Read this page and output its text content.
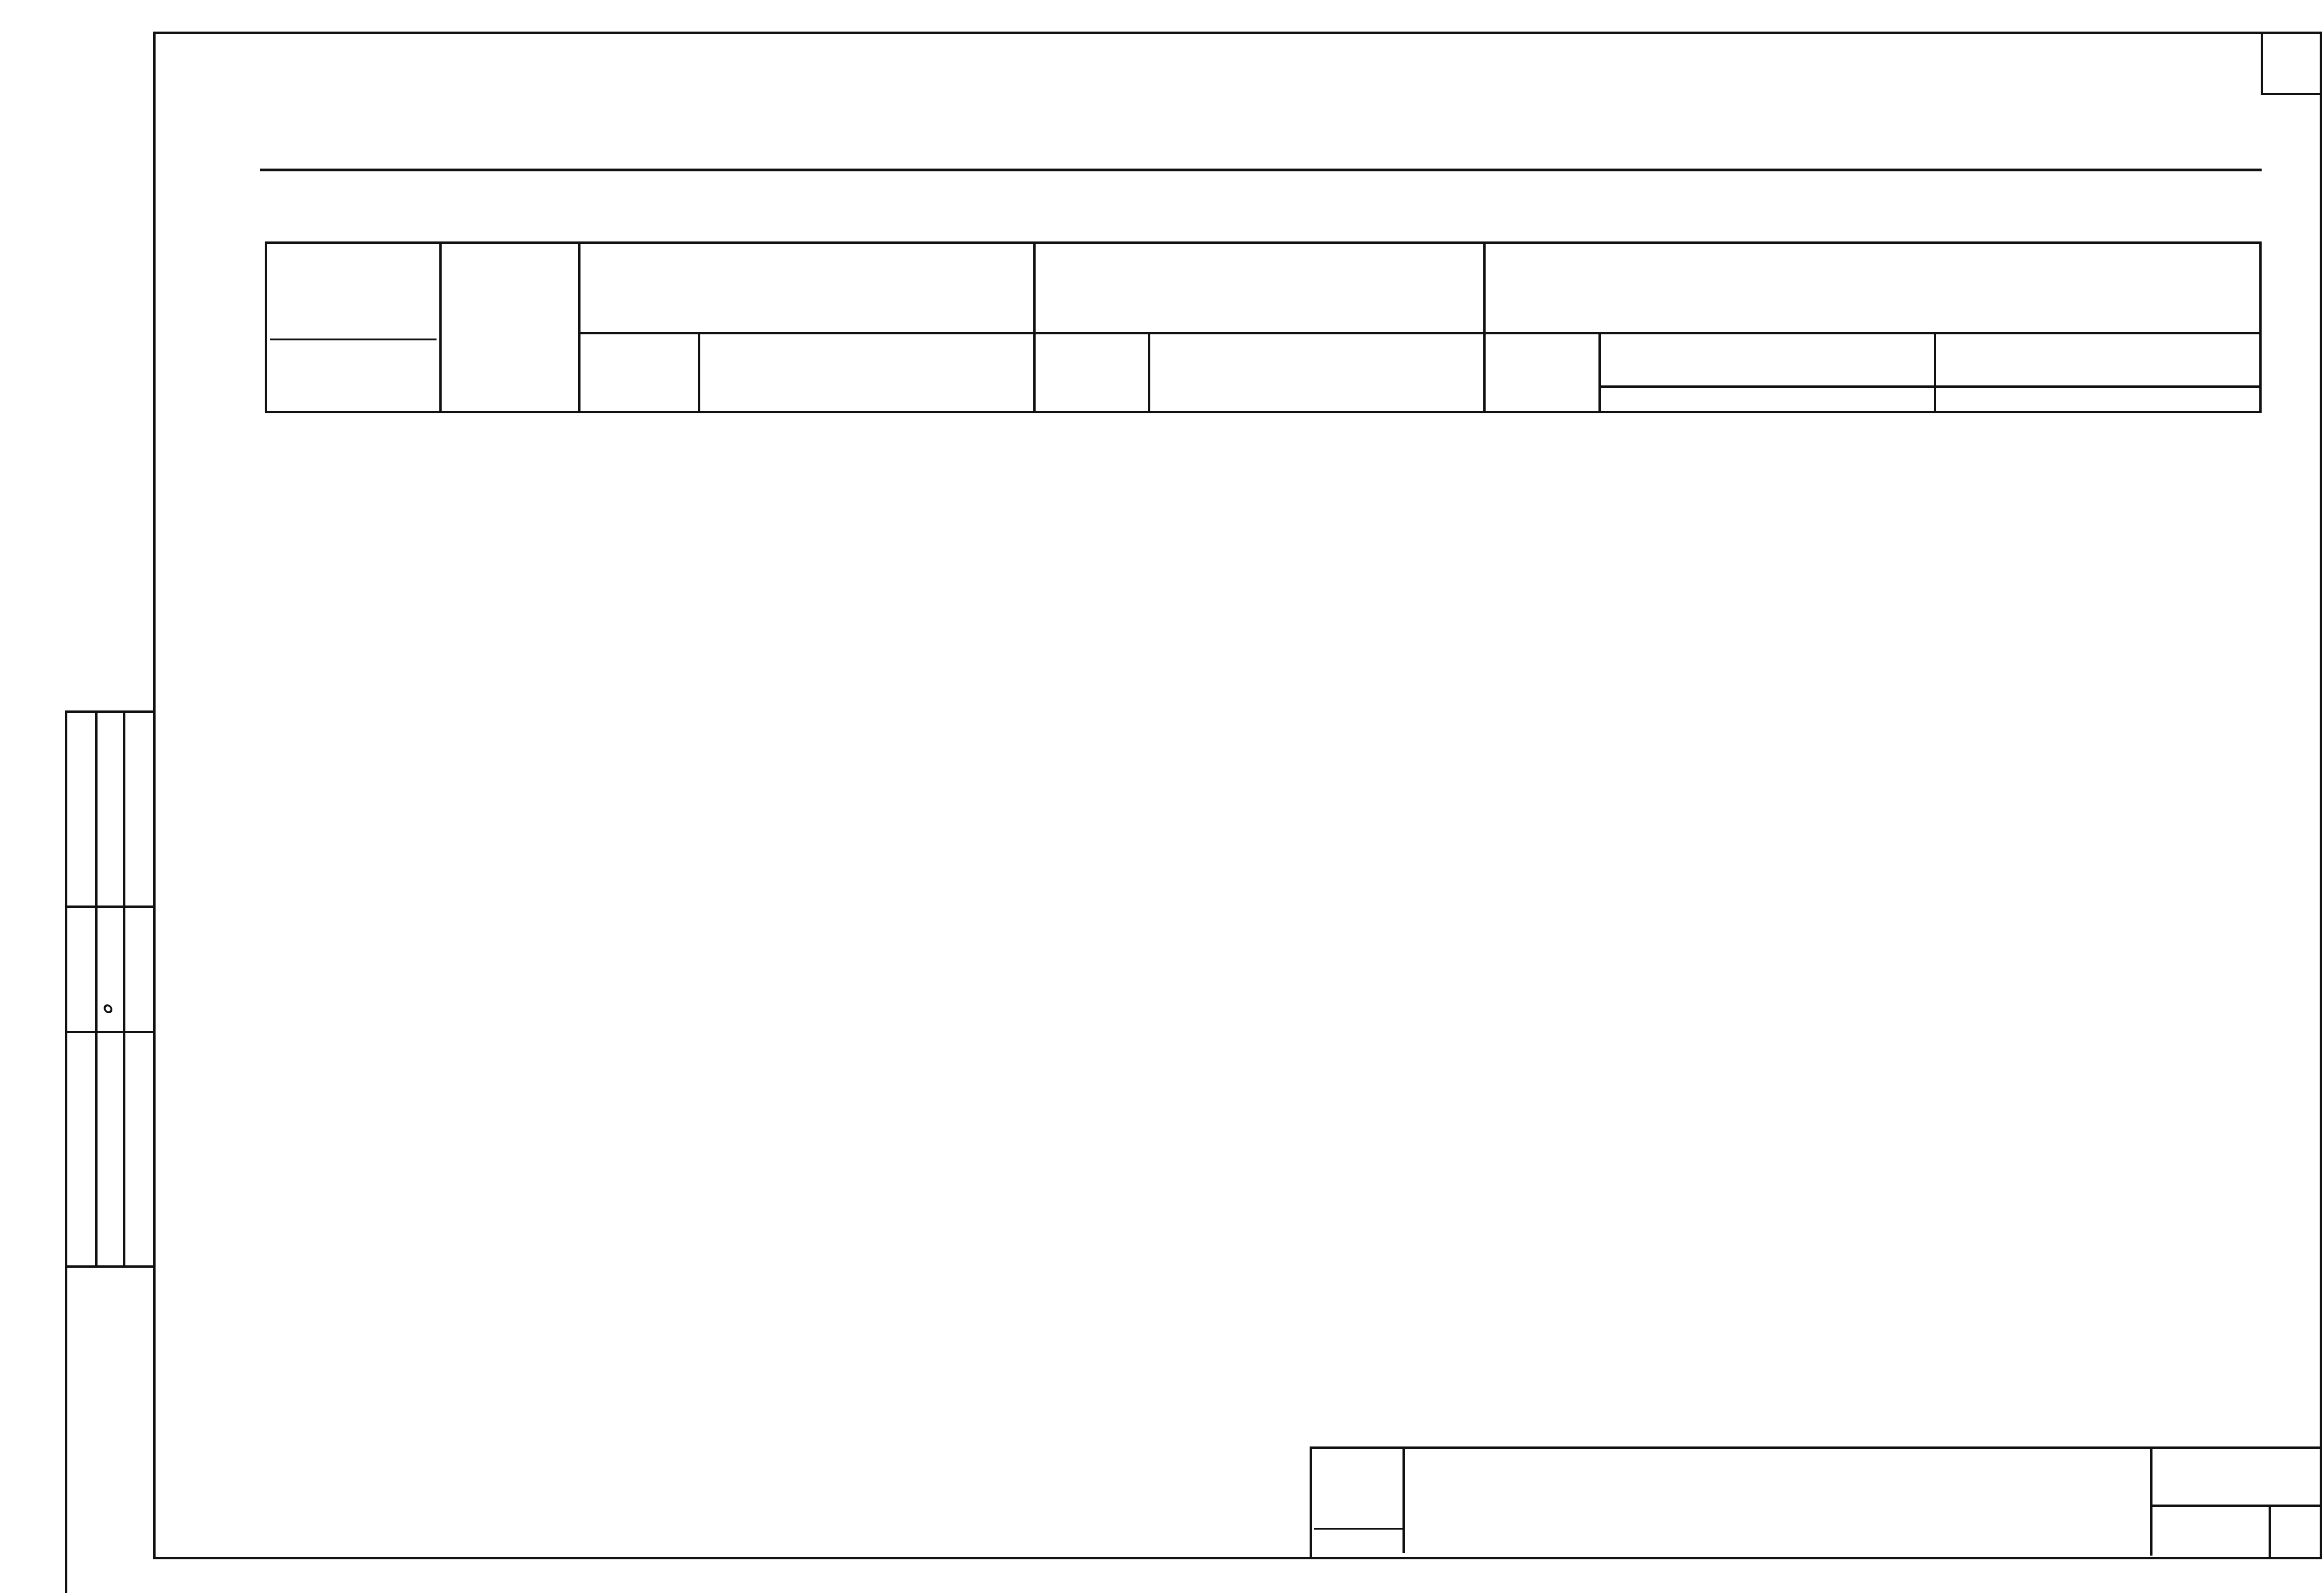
˳
